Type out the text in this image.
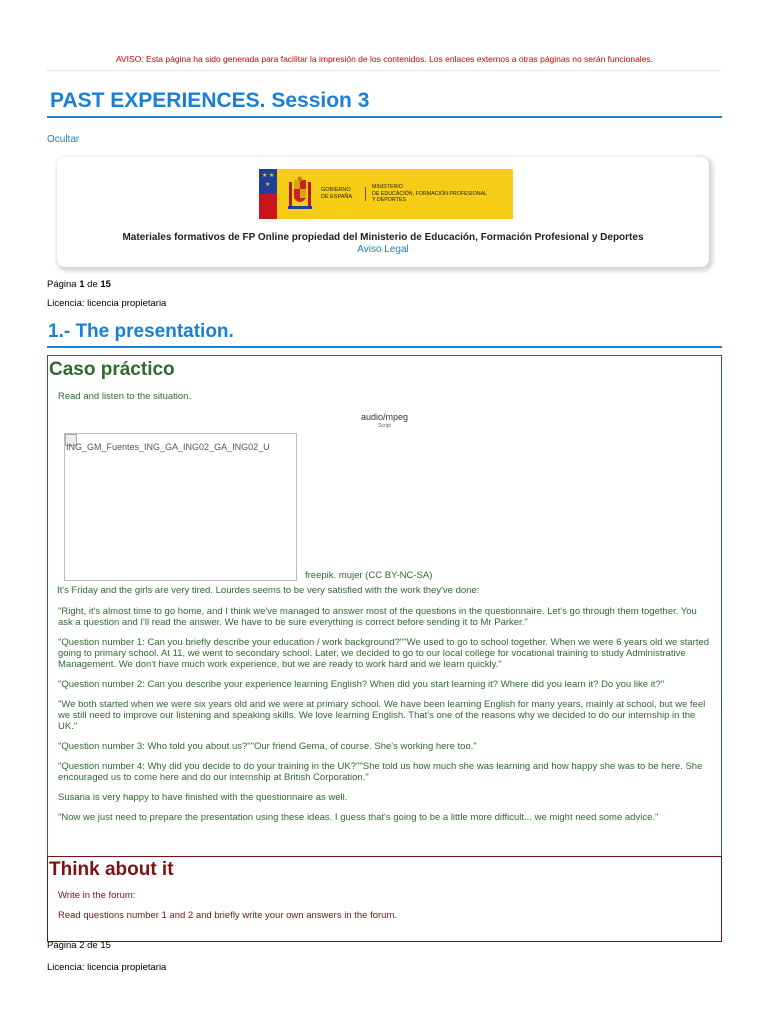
AVISO: Esta página ha sido generada para facilitar la impresión de los contenidos. Los enlaces externos a otras páginas no serán funcionales.
PAST EXPERIENCES. Session 3
Ocultar
★ ★
★
GOBIERNO
DE ESPAÑA
MINISTERIO
DE EDUCACIÓN, FORMACIÓN PROFESIONAL
Y DEPORTES
Materiales formativos de FP Online propiedad del Ministerio de Educación, Formación Profesional y Deportes
Aviso Legal
Página 1 de 15
Licencia: licencia propietaria
1.- The presentation.
Caso práctico
Read and listen to the situation.
audio/mpeg
Script
ING_GM_Fuentes_ING_GA_ING02_GA_ING02_U
freepik. mujer (CC BY-NC-SA)

It's Friday and the girls are very tired. Lourdes seems to be very satisfied with the work they've done:

"Right, it's almost time to go home, and I think we've managed to answer most of the questions in the questionnaire. Let's go through them together. You ask a question and I'll read the answer. We have to be sure everything is correct before sending it to Mr Parker."

"Question number 1: Can you briefly describe your education / work background?""We used to go to school together. When we were 6 years old we started going to primary school. At 11, we went to secondary school. Later, we decided to go to our local college for vocational training to study Administrative Management. We don't have much work experience, but we are ready to work hard and we learn quickly."

"Question number 2: Can you describe your experience learning English? When did you start learning it? Where did you learn it? Do you like it?"

"We both started when we were six years old and we were at primary school. We have been learning English for many years, mainly at school, but we feel we still need to improve our listening and speaking skills. We love learning English. That's one of the reasons why we decided to do our internship in the UK."

"Question number 3: Who told you about us?""Our friend Gema, of course. She's working here too."

"Question number 4: Why did you decide to do your training in the UK?""She told us how much she was learning and how happy she was to be here. She encouraged us to come here and do our internship at British Corporation."

Susana is very happy to have finished with the questionnaire as well.

"Now we just need to prepare the presentation using these ideas. I guess that's going to be a little more difficult... we might need some advice."

Think about it
Write in the forum:
Read questions number 1 and 2 and briefly write your own answers in the forum.
Página 2 de 15
Licencia: licencia propietaria
